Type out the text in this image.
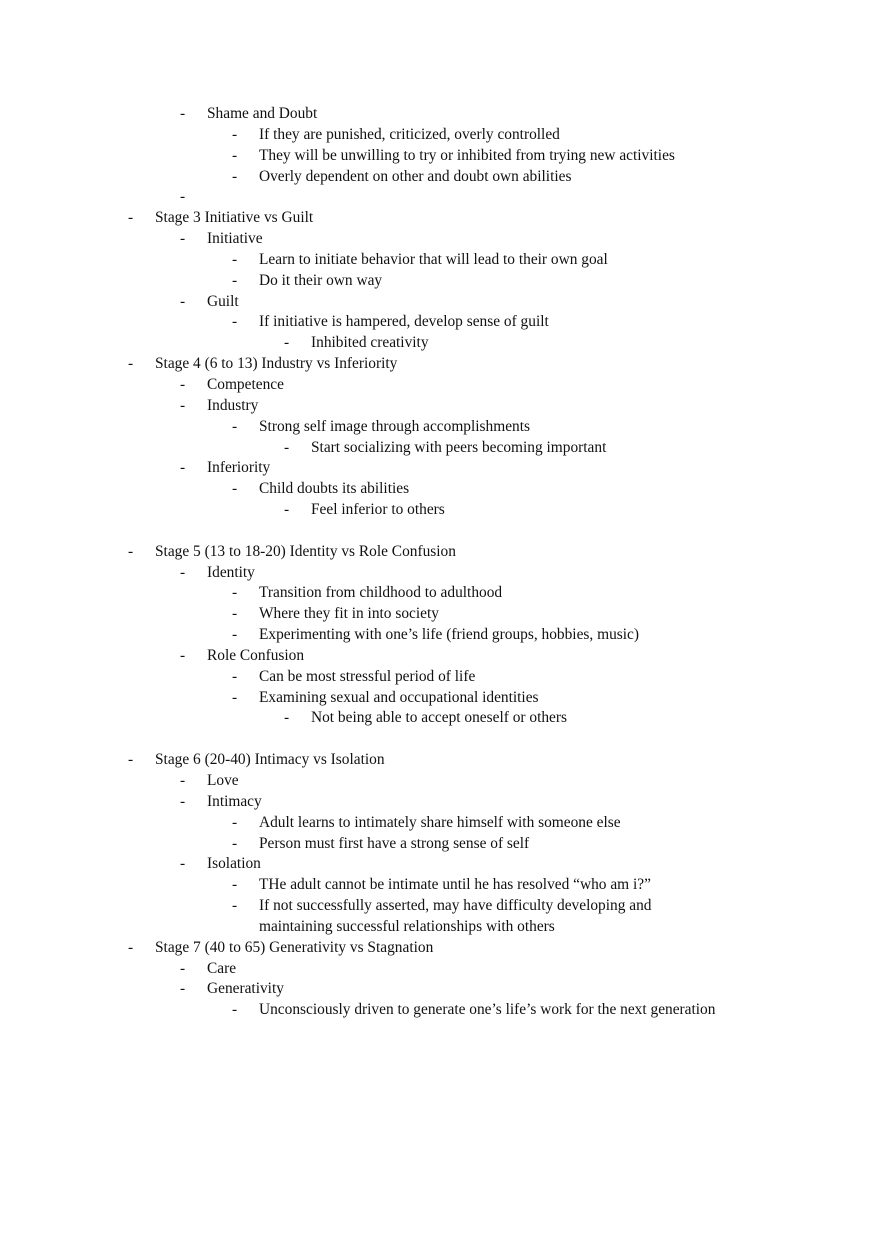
- Shame and Doubt
- If they are punished, criticized, overly controlled
- They will be unwilling to try or inhibited from trying new activities
- Overly dependent on other and doubt own abilities
-
- Stage 3 Initiative vs Guilt
- Initiative
- Learn to initiate behavior that will lead to their own goal
- Do it their own way
- Guilt
- If initiative is hampered, develop sense of guilt
- Inhibited creativity
- Stage 4 (6 to 13) Industry vs Inferiority
- Competence
- Industry
- Strong self image through accomplishments
- Start socializing with peers becoming important
- Inferiority
- Child doubts its abilities
- Feel inferior to others
- Stage 5 (13 to 18-20) Identity vs Role Confusion
- Identity
- Transition from childhood to adulthood
- Where they fit in into society
- Experimenting with one’s life (friend groups, hobbies, music)
- Role Confusion
- Can be most stressful period of life
- Examining sexual and occupational identities
- Not being able to accept oneself or others
- Stage 6 (20-40) Intimacy vs Isolation
- Love
- Intimacy
- Adult learns to intimately share himself with someone else
- Person must first have a strong sense of self
- Isolation
- THe adult cannot be intimate until he has resolved “who am i?”
- If not successfully asserted, may have difficulty developing and
maintaining successful relationships with others
- Stage 7 (40 to 65) Generativity vs Stagnation
- Care
- Generativity
- Unconsciously driven to generate one’s life’s work for the next generation
